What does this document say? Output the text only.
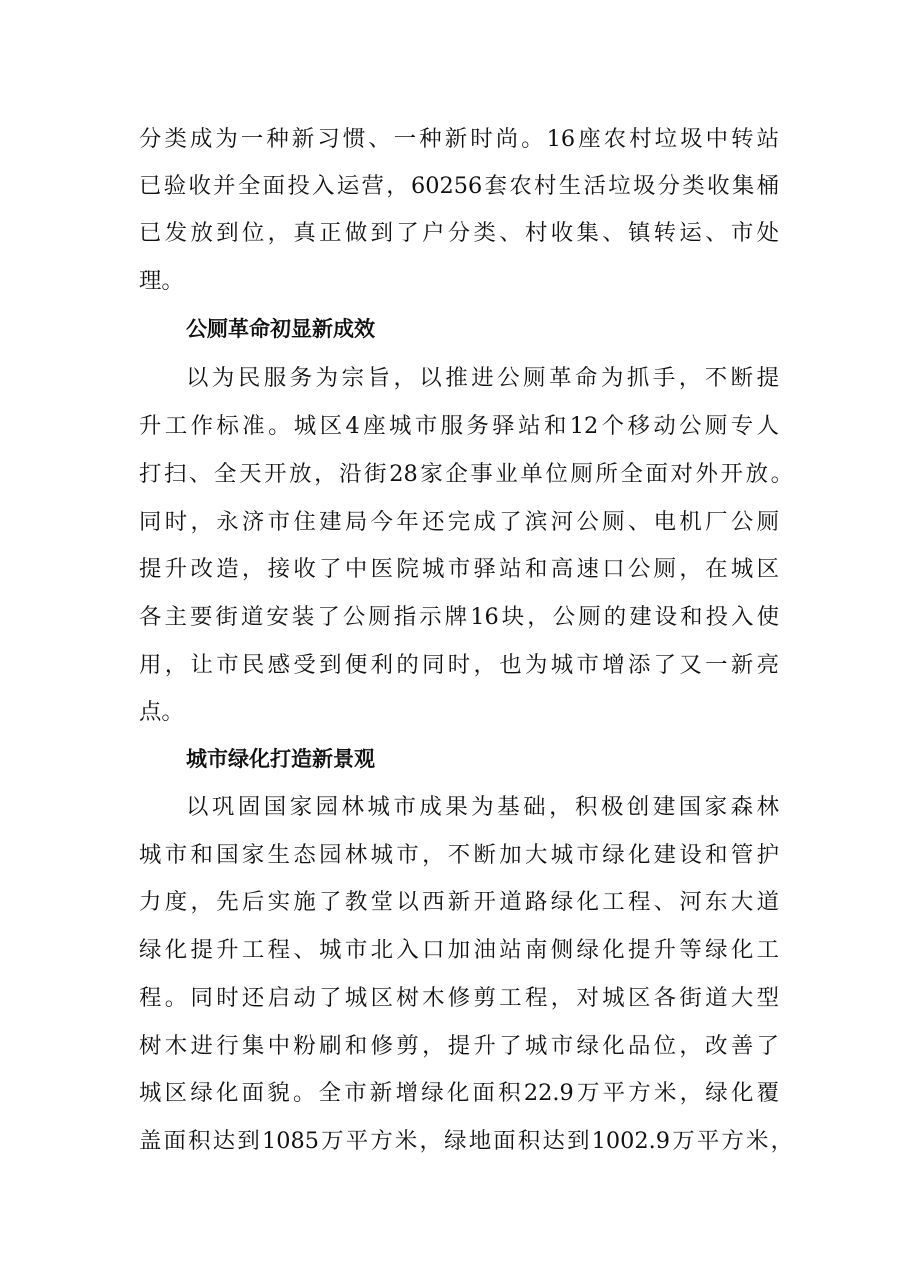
分类成为一种新习惯、一种新时尚。16座农村垃圾中转站
已验收并全面投入运营，60256套农村生活垃圾分类收集桶
已发放到位，真正做到了户分类、村收集、镇转运、市处
理。
公厕革命初显新成效
以为民服务为宗旨，以推进公厕革命为抓手，不断提
升工作标准。城区4座城市服务驿站和12个移动公厕专人
打扫、全天开放，沿街28家企事业单位厕所全面对外开放。
同时，永济市住建局今年还完成了滨河公厕、电机厂公厕
提升改造，接收了中医院城市驿站和高速口公厕，在城区
各主要街道安装了公厕指示牌16块，公厕的建设和投入使
用，让市民感受到便利的同时，也为城市增添了又一新亮
点。
城市绿化打造新景观
以巩固国家园林城市成果为基础，积极创建国家森林
城市和国家生态园林城市，不断加大城市绿化建设和管护
力度，先后实施了教堂以西新开道路绿化工程、河东大道
绿化提升工程、城市北入口加油站南侧绿化提升等绿化工
程。同时还启动了城区树木修剪工程，对城区各街道大型
树木进行集中粉刷和修剪，提升了城市绿化品位，改善了
城区绿化面貌。全市新增绿化面积22.9万平方米，绿化覆
盖面积达到1085万平方米，绿地面积达到1002.9万平方米，
